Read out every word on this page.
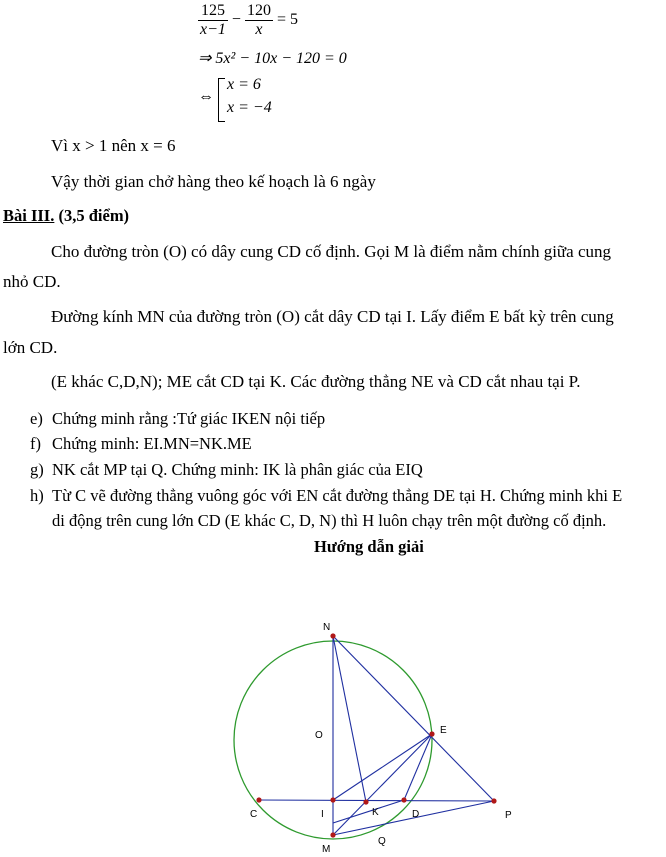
$\frac{125}{x-1} - \frac{120}{x} = 5$
⇒ 5x² − 10x − 120 = 0
⇔
x = 6
x = −4
Vì x > 1 nên x = 6
Vậy thời gian chở hàng theo kế hoạch là 6 ngày
Bài III. (3,5 điểm)
Cho đường tròn (O) có dây cung CD cố định. Gọi M là điểm nằm chính giữa cung
nhỏ CD.
Đường kính MN của đường tròn (O) cắt dây CD tại I. Lấy điểm E bất kỳ trên cung
lớn CD.
(E khác C,D,N); ME cắt CD tại K. Các đường thẳng NE và CD cắt nhau tại P.
e) Chứng minh rằng :Tứ giác IKEN nội tiếp
f) Chứng minh: EI.MN=NK.ME
g) NK cắt MP tại Q. Chứng minh: IK là phân giác của EIQ
h) Từ C vẽ đường thẳng vuông góc với EN cắt đường thẳng DE tại H. Chứng minh khi E
di động trên cung lớn CD (E khác C, D, N) thì H luôn chạy trên một đường cố định.
Hướng dẫn giải
N
O	E
C	I	K	D	P
M
Q
